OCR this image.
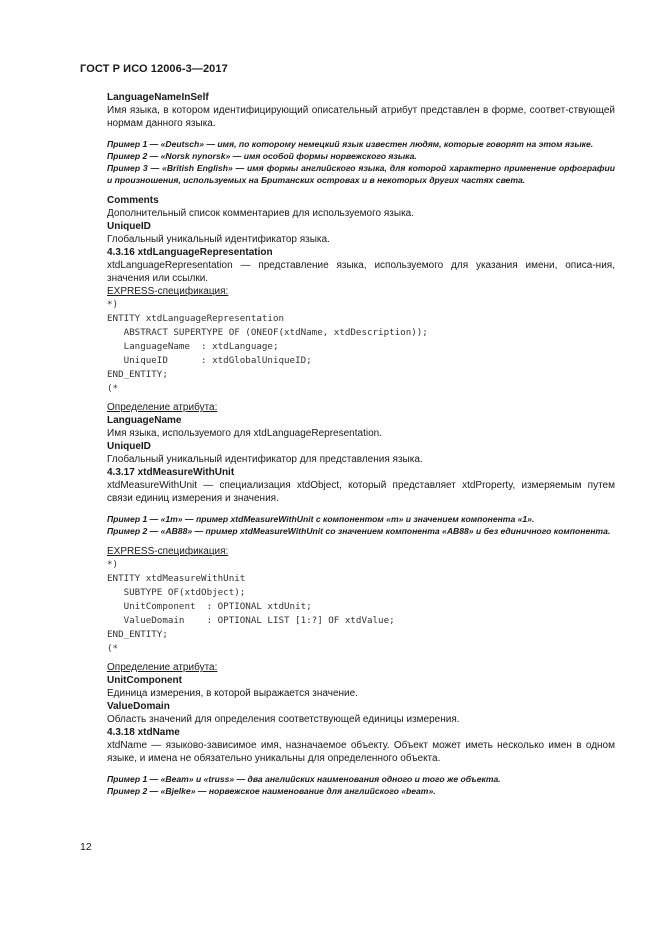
ГОСТ Р ИСО 12006-3—2017
LanguageNameInSelf
Имя языка, в котором идентифицирующий описательный атрибут представлен в форме, соответ-ствующей нормам данного языка.
Пример 1 — «Deutsch» — имя, по которому немецкий язык известен людям, которые говорят на этом языке.
Пример 2 — «Norsk nynorsk» — имя особой формы норвежского языка.
Пример 3 — «British English» — имя формы английского языка, для которой характерно применение орфографии и произношения, используемых на Британских островах и в некоторых других частях света.
Comments
Дополнительный список комментариев для используемого языка.
UniqueID
Глобальный уникальный идентификатор языка.
4.3.16 xtdLanguageRepresentation
xtdLanguageRepresentation — представление языка, используемого для указания имени, описа-ния, значения или ссылки.
EXPRESS-спецификация:
*)
ENTITY xtdLanguageRepresentation
ABSTRACT SUPERTYPE OF (ONEOF(xtdName, xtdDescription));
LanguageName  : xtdLanguage;
UniqueID      : xtdGlobalUniqueID;
END_ENTITY;
(*
Определение атрибута:
LanguageName
Имя языка, используемого для xtdLanguageRepresentation.
UniqueID
Глобальный уникальный идентификатор для представления языка.
4.3.17 xtdMeasureWithUnit
xtdMeasureWithUnit — специализация xtdObject, который представляет xtdProperty, измеряемым путем связи единиц измерения и значения.
Пример 1 — «1m» — пример xtdMeasureWithUnit с компонентом «m» и значением компонента «1».
Пример 2 — «AB88» — пример xtdMeasureWithUnit со значением компонента «AB88» и без единичного компонента.
EXPRESS-спецификация:
*)
ENTITY xtdMeasureWithUnit
SUBTYPE OF(xtdObject);
UnitComponent  : OPTIONAL xtdUnit;
ValueDomain    : OPTIONAL LIST [1:?] OF xtdValue;
END_ENTITY;
(*
Определение атрибута:
UnitComponent
Единица измерения, в которой выражается значение.
ValueDomain
Область значений для определения соответствующей единицы измерения.
4.3.18 xtdName
xtdName — языково-зависимое имя, назначаемое объекту. Объект может иметь несколько имен в одном языке, и имена не обязательно уникальны для определенного объекта.
Пример 1 — «Beam» и «truss» — два английских наименования одного и того же объекта.
Пример 2 — «Bjelke» — норвежское наименование для английского «beam».
12
